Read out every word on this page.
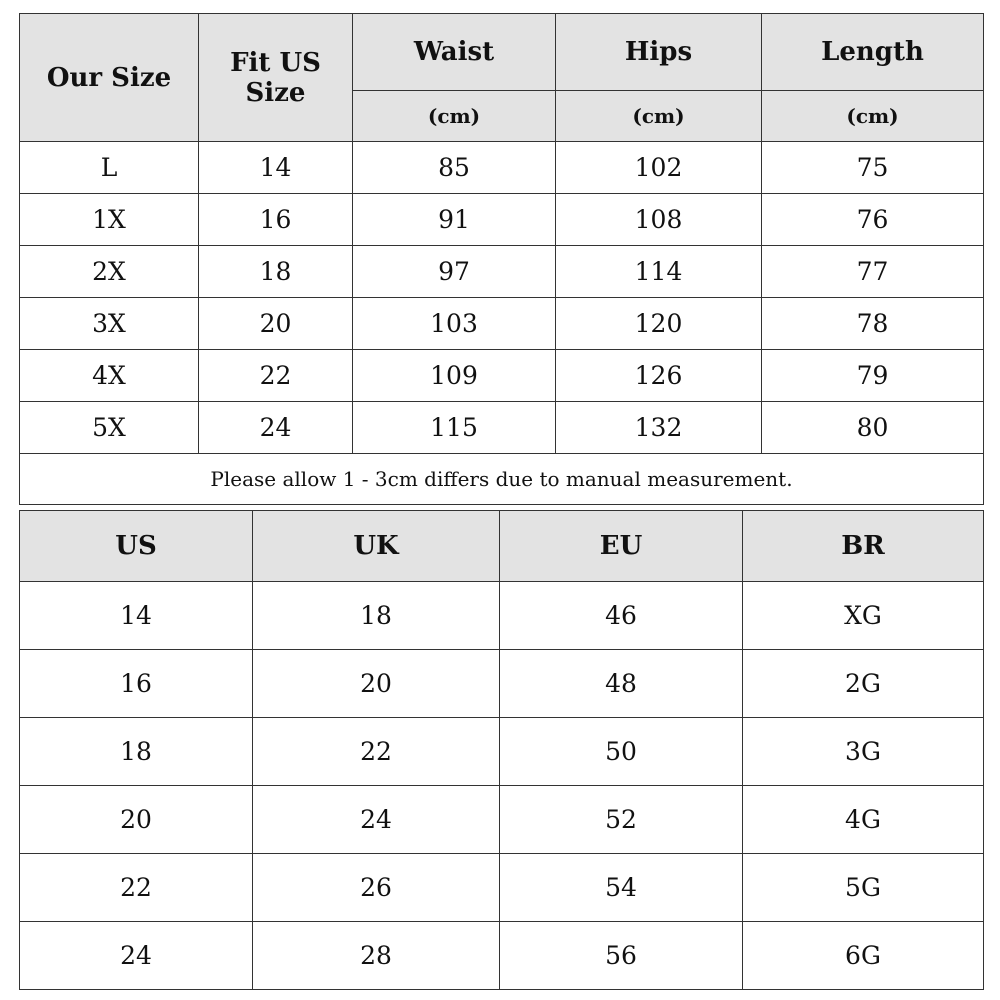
Our Size	Fit US Size	Waist	Hips	Length
		(cm)	(cm)	(cm)
L	14	85	102	75
1X	16	91	108	76
2X	18	97	114	77
3X	20	103	120	78
4X	22	109	126	79
5X	24	115	132	80
Please allow 1 - 3cm differs due to manual measurement.				
US	UK	EU	BR
14	18	46	XG
16	20	48	2G
18	22	50	3G
20	24	52	4G
22	26	54	5G
24	28	56	6G
